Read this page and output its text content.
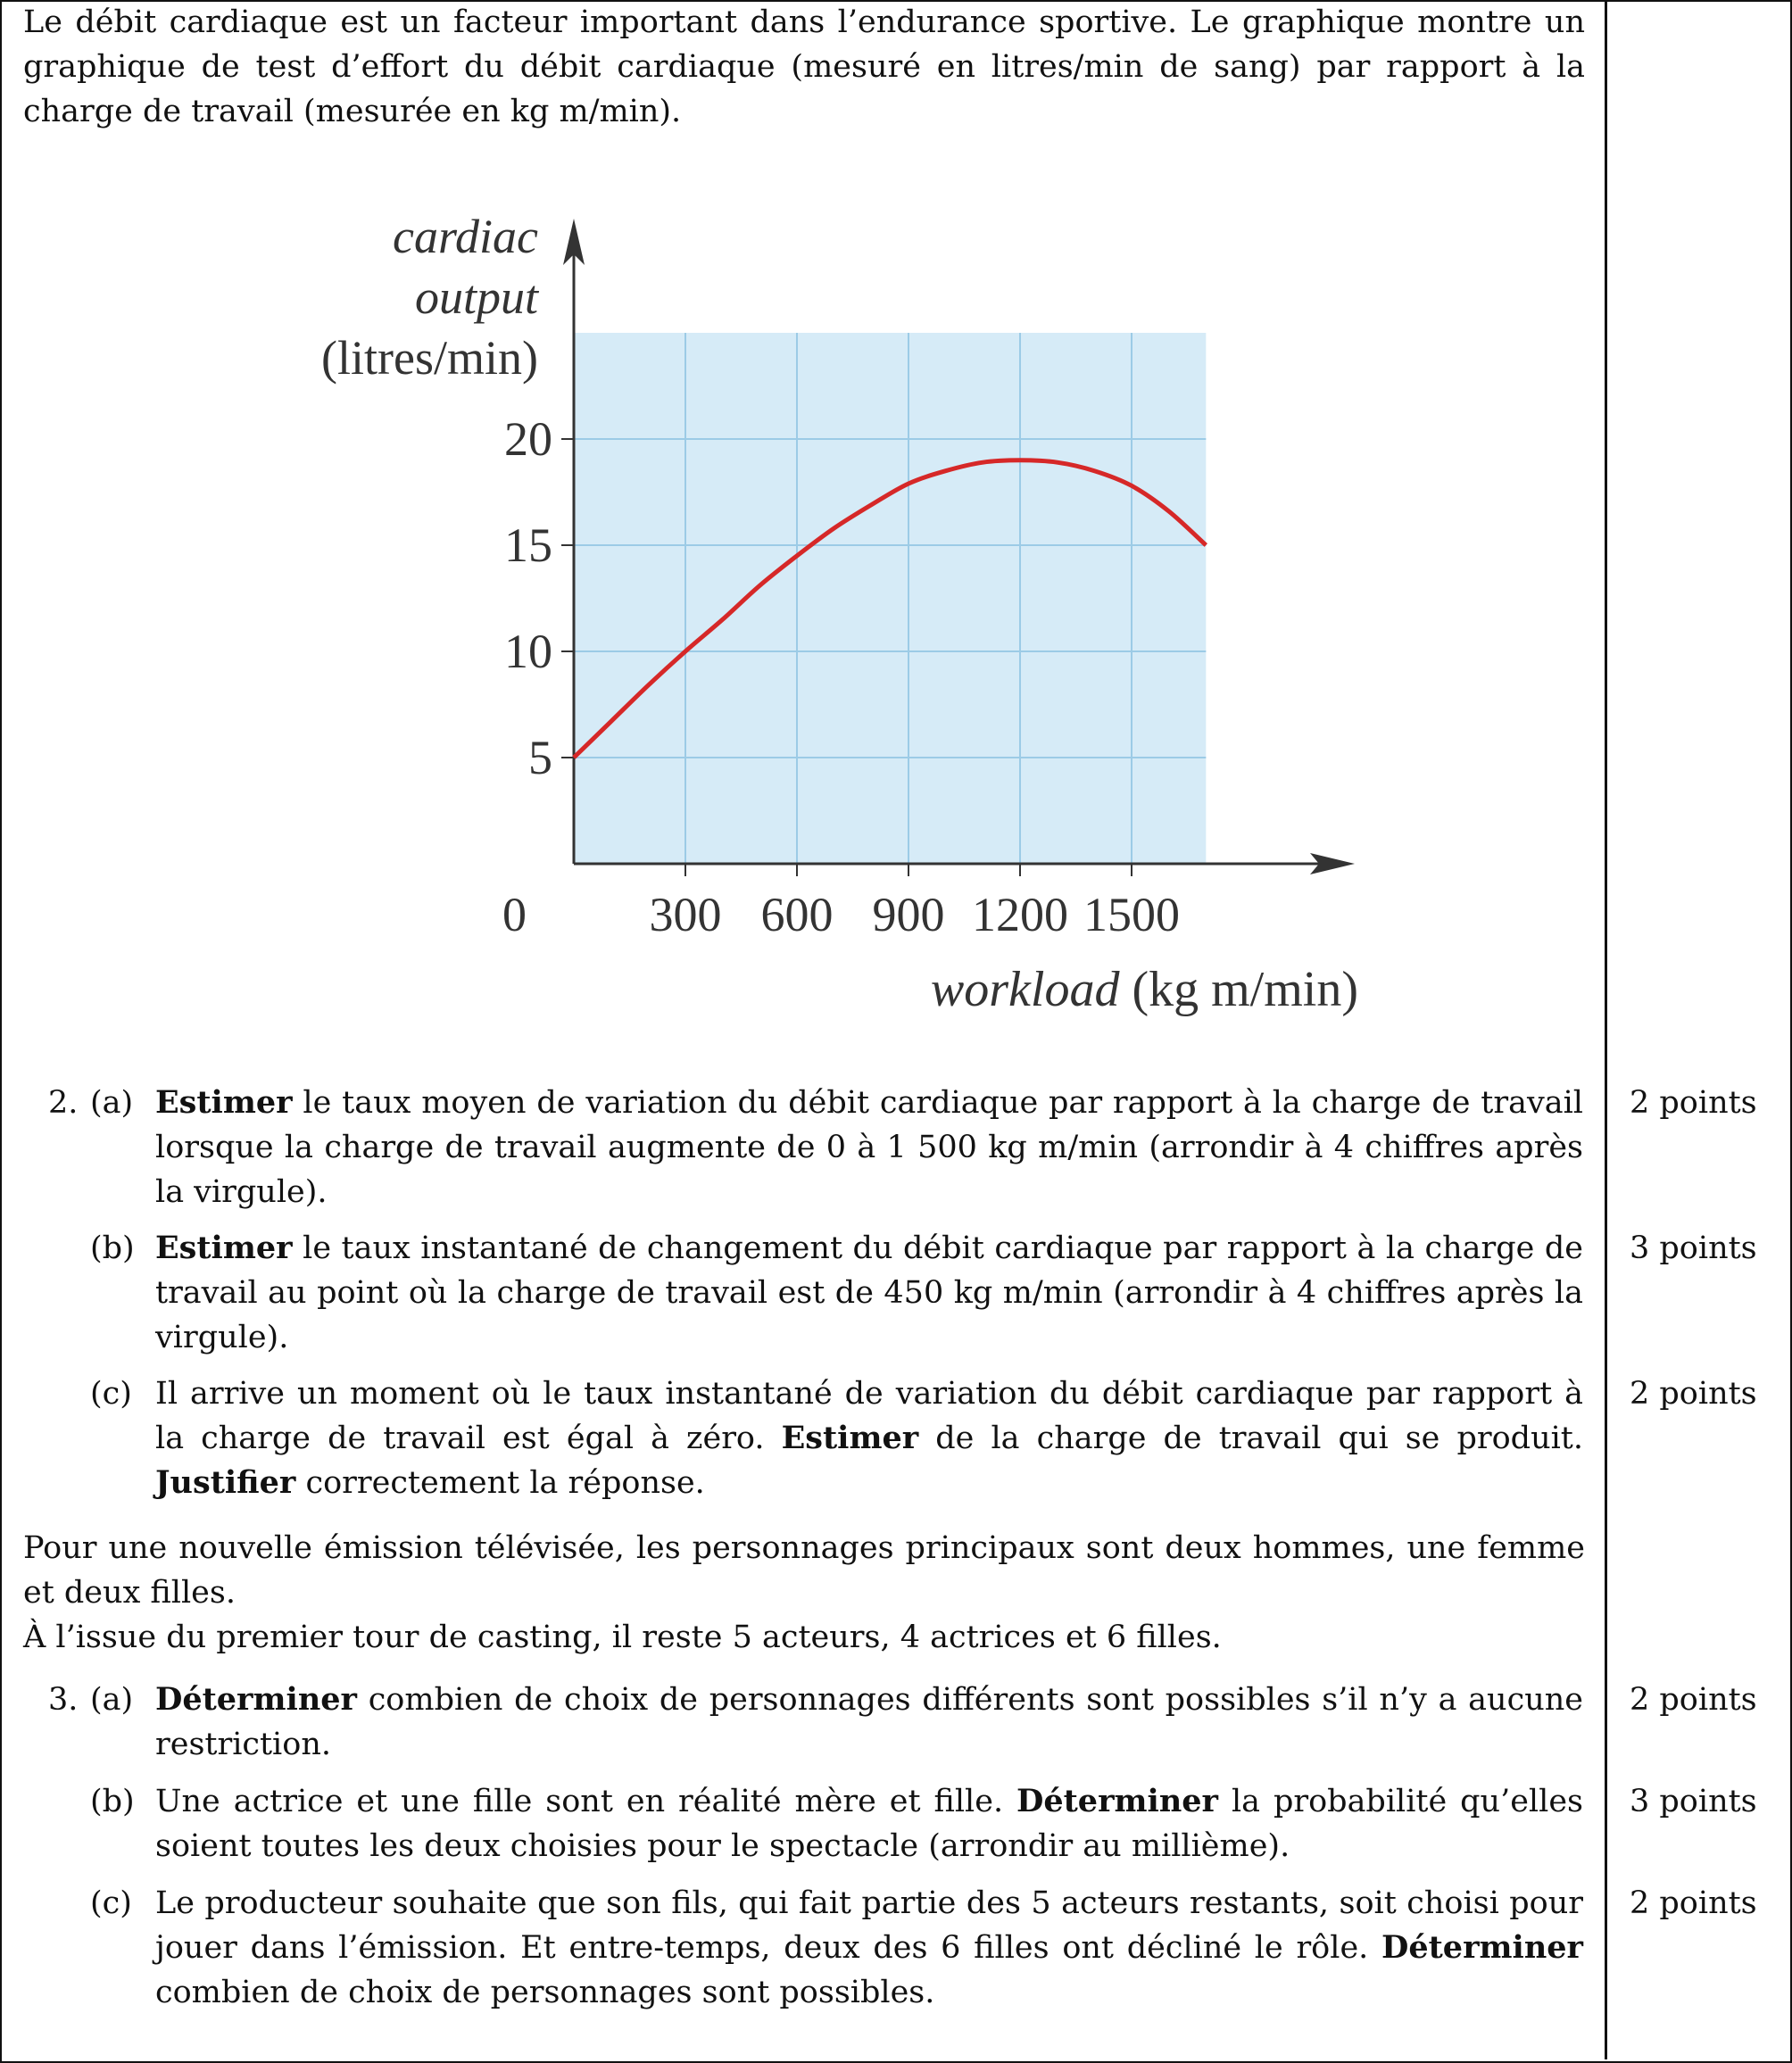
Le débit cardiaque est un facteur important dans l’endurance sportive. Le graphique montre un graphique de test d’effort du débit cardiaque (mesuré en litres/min de sang) par rapport à la charge de travail (mesurée en kg m/min).

300 600 900 1200 1500
5
10
15
20
0
cardiac
output
(litres/min)
workload (kg m/min)
2. (a) Estimer le taux moyen de variation du débit cardiaque par rapport à la charge de travail lorsque la charge de travail augmente de 0 à 1 500 kg m/min (arrondir à 4 chiffres après la virgule).
2 points
(b) Estimer le taux instantané de changement du débit cardiaque par rapport à la charge de travail au point où la charge de travail est de 450 kg m/min (arrondir à 4 chiffres après la virgule).
3 points
(c) Il arrive un moment où le taux instantané de variation du débit cardiaque par rapport à la charge de travail est égal à zéro. Estimer de la charge de travail qui se produit. Justifier correctement la réponse.
2 points

Pour une nouvelle émission télévisée, les personnages principaux sont deux hommes, une femme et deux filles.

À l’issue du premier tour de casting, il reste 5 acteurs, 4 actrices et 6 filles.

3. (a) Déterminer combien de choix de personnages différents sont possibles s’il n’y a aucune restriction.
2 points
(b) Une actrice et une fille sont en réalité mère et fille. Déterminer la probabilité qu’elles soient toutes les deux choisies pour le spectacle (arrondir au millième).
3 points
(c) Le producteur souhaite que son fils, qui fait partie des 5 acteurs restants, soit choisi pour jouer dans l’émission. Et entre-temps, deux des 6 filles ont décliné le rôle. Déterminer combien de choix de personnages sont possibles.
2 points
